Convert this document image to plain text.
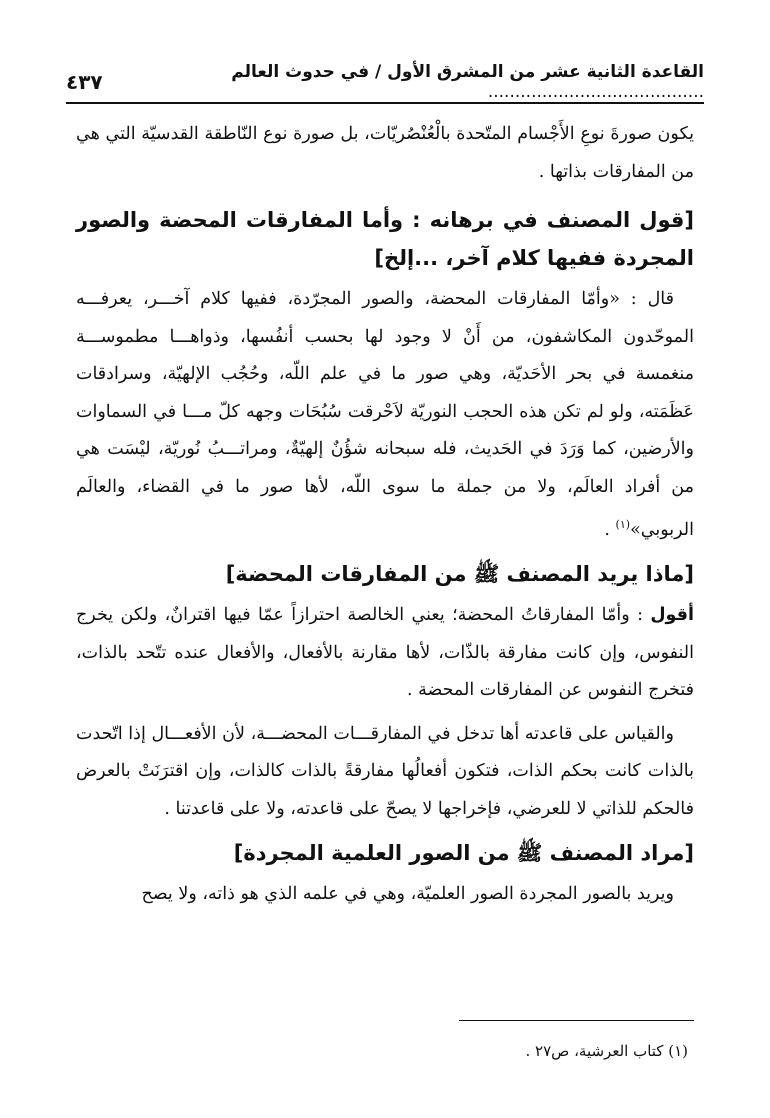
القاعدة الثانية عشر من المشرق الأول / في حدوث العالم ........................................
٤٣٧

يكون صورةَ نوعِ الأَجْسام المتّحدة بالْعُنْصُريّات، بل صورة نوع النّاطقة القدسيّة التي هي من المفارقات بذاتها .

[قول المصنف في برهانه : وأما المفارقات المحضة والصور المجردة ففيها كلام آخر، ...إلخ]

قال : «وأمّا المفارقات المحضة، والصور المجرّدة، ففيها كلام آخـــر، يعرفـــه الموحّدون المكاشفون، من أَنْ لا وجود لها بحسب أنفُسها، وذواهـــا مطموســـة منغمسة في بحر الأحَديّة، وهي صور ما في علم اللّه، وحُجُب الإلهيّة، وسرادقات عَظَمَته، ولو لم تكن هذه الحجب النوريّة لاَحْرقت سُبُحَات وجهه كلّ مـــا في السماوات والأرضين، كما وَرَدَ في الحَديث، فله سبحانه شؤُنٌ إلهيّةٌ، ومراتـــبُ نُوريّة، ليْسَت هي من أفراد العالَم، ولا من جملة ما سوى اللّه، لأها صور ما في القضاء، والعالَم الربوبي»$^{(١)}$ .

[ماذا يريد المصنف ﷺ من المفارقات المحضة]

أقول : وأمّا المفارقاتُ المحضة؛ يعني الخالصة احترازاً عمّا فيها اقترانٌ، ولكن يخرج النفوس، وإن كانت مفارقة بالذّات، لأها مقارنة بالأفعال، والأفعال عنده تتّحد بالذات، فتخرج النفوس عن المفارقات المحضة .

والقياس على قاعدته أها تدخل في المفارقـــات المحضـــة، لأن الأفعـــال إذا اتّحدت بالذات كانت بحكم الذات، فتكون أفعالُها مفارقةً بالذات كالذات، وإن اقترَنَتْ بالعرض فالحكم للذاتي لا للعرضي، فإخراجها لا يصحّ على قاعدته، ولا على قاعدتنا .

[مراد المصنف ﷺ من الصور العلمية المجردة]

ويريد بالصور المجردة الصور العلميّة، وهي في علمه الذي هو ذاته، ولا يصح

(١) كتاب العرشية، ص٢٧ .
